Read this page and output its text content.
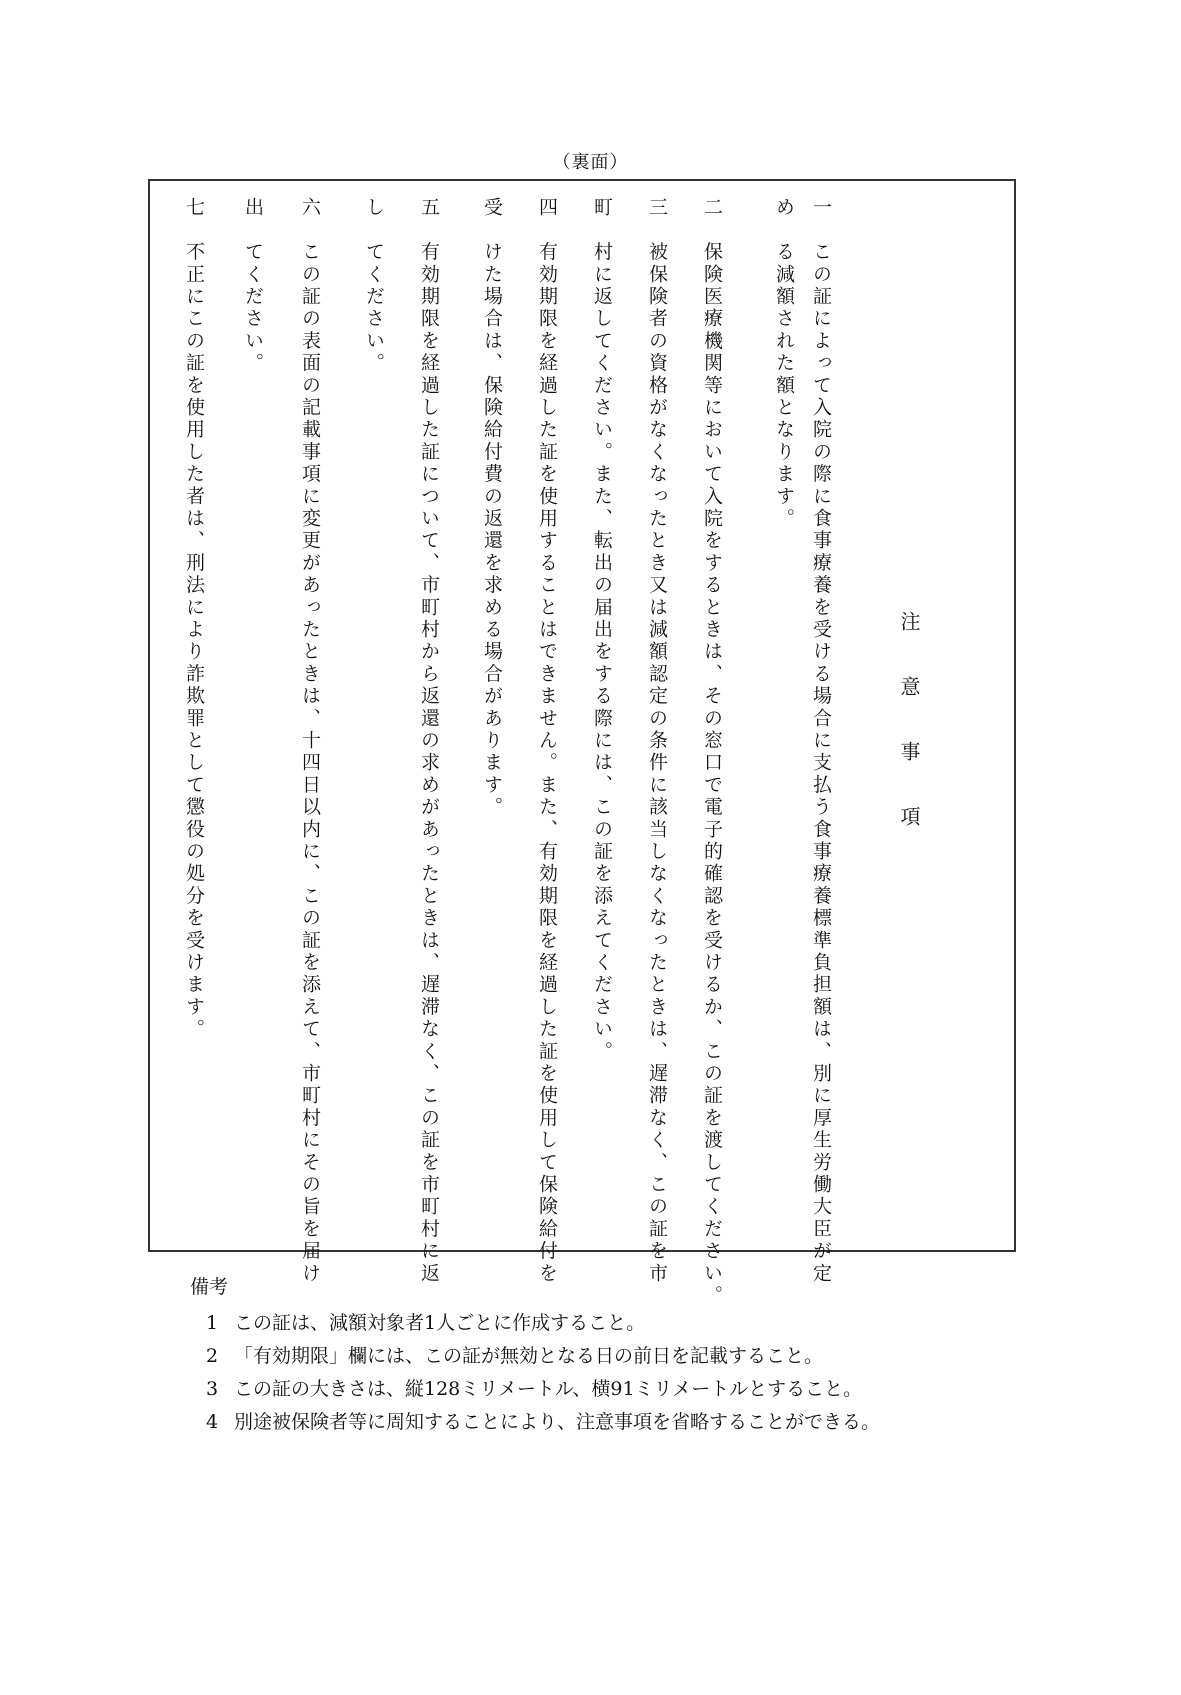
（裏面）
注意事項
一　この証によって入院の際に食事療養を受ける場合に支払う食事療養標準負担額は、別に厚生労働大臣が定
め　る減額された額となります。
二　保険医療機関等において入院をするときは、その窓口で電子的確認を受けるか、この証を渡してください。
三　被保険者の資格がなくなったとき又は減額認定の条件に該当しなくなったときは、遅滞なく、この証を市
町　村に返してください。また、転出の届出をする際には、この証を添えてください。
四　有効期限を経過した証を使用することはできません。また、有効期限を経過した証を使用して保険給付を
受　けた場合は、保険給付費の返還を求める場合があります。
五　有効期限を経過した証について、市町村から返還の求めがあったときは、遅滞なく、この証を市町村に返
し　てください。
六　この証の表面の記載事項に変更があったときは、十四日以内に、この証を添えて、市町村にその旨を届け
出　てください。
七　不正にこの証を使用した者は、刑法により詐欺罪として懲役の処分を受けます。
備考
1 この証は、減額対象者1人ごとに作成すること。
2 「有効期限」欄には、この証が無効となる日の前日を記載すること。
3 この証の大きさは、縦128ミリメートル、横91ミリメートルとすること。
4 別途被保険者等に周知することにより、注意事項を省略することができる。
